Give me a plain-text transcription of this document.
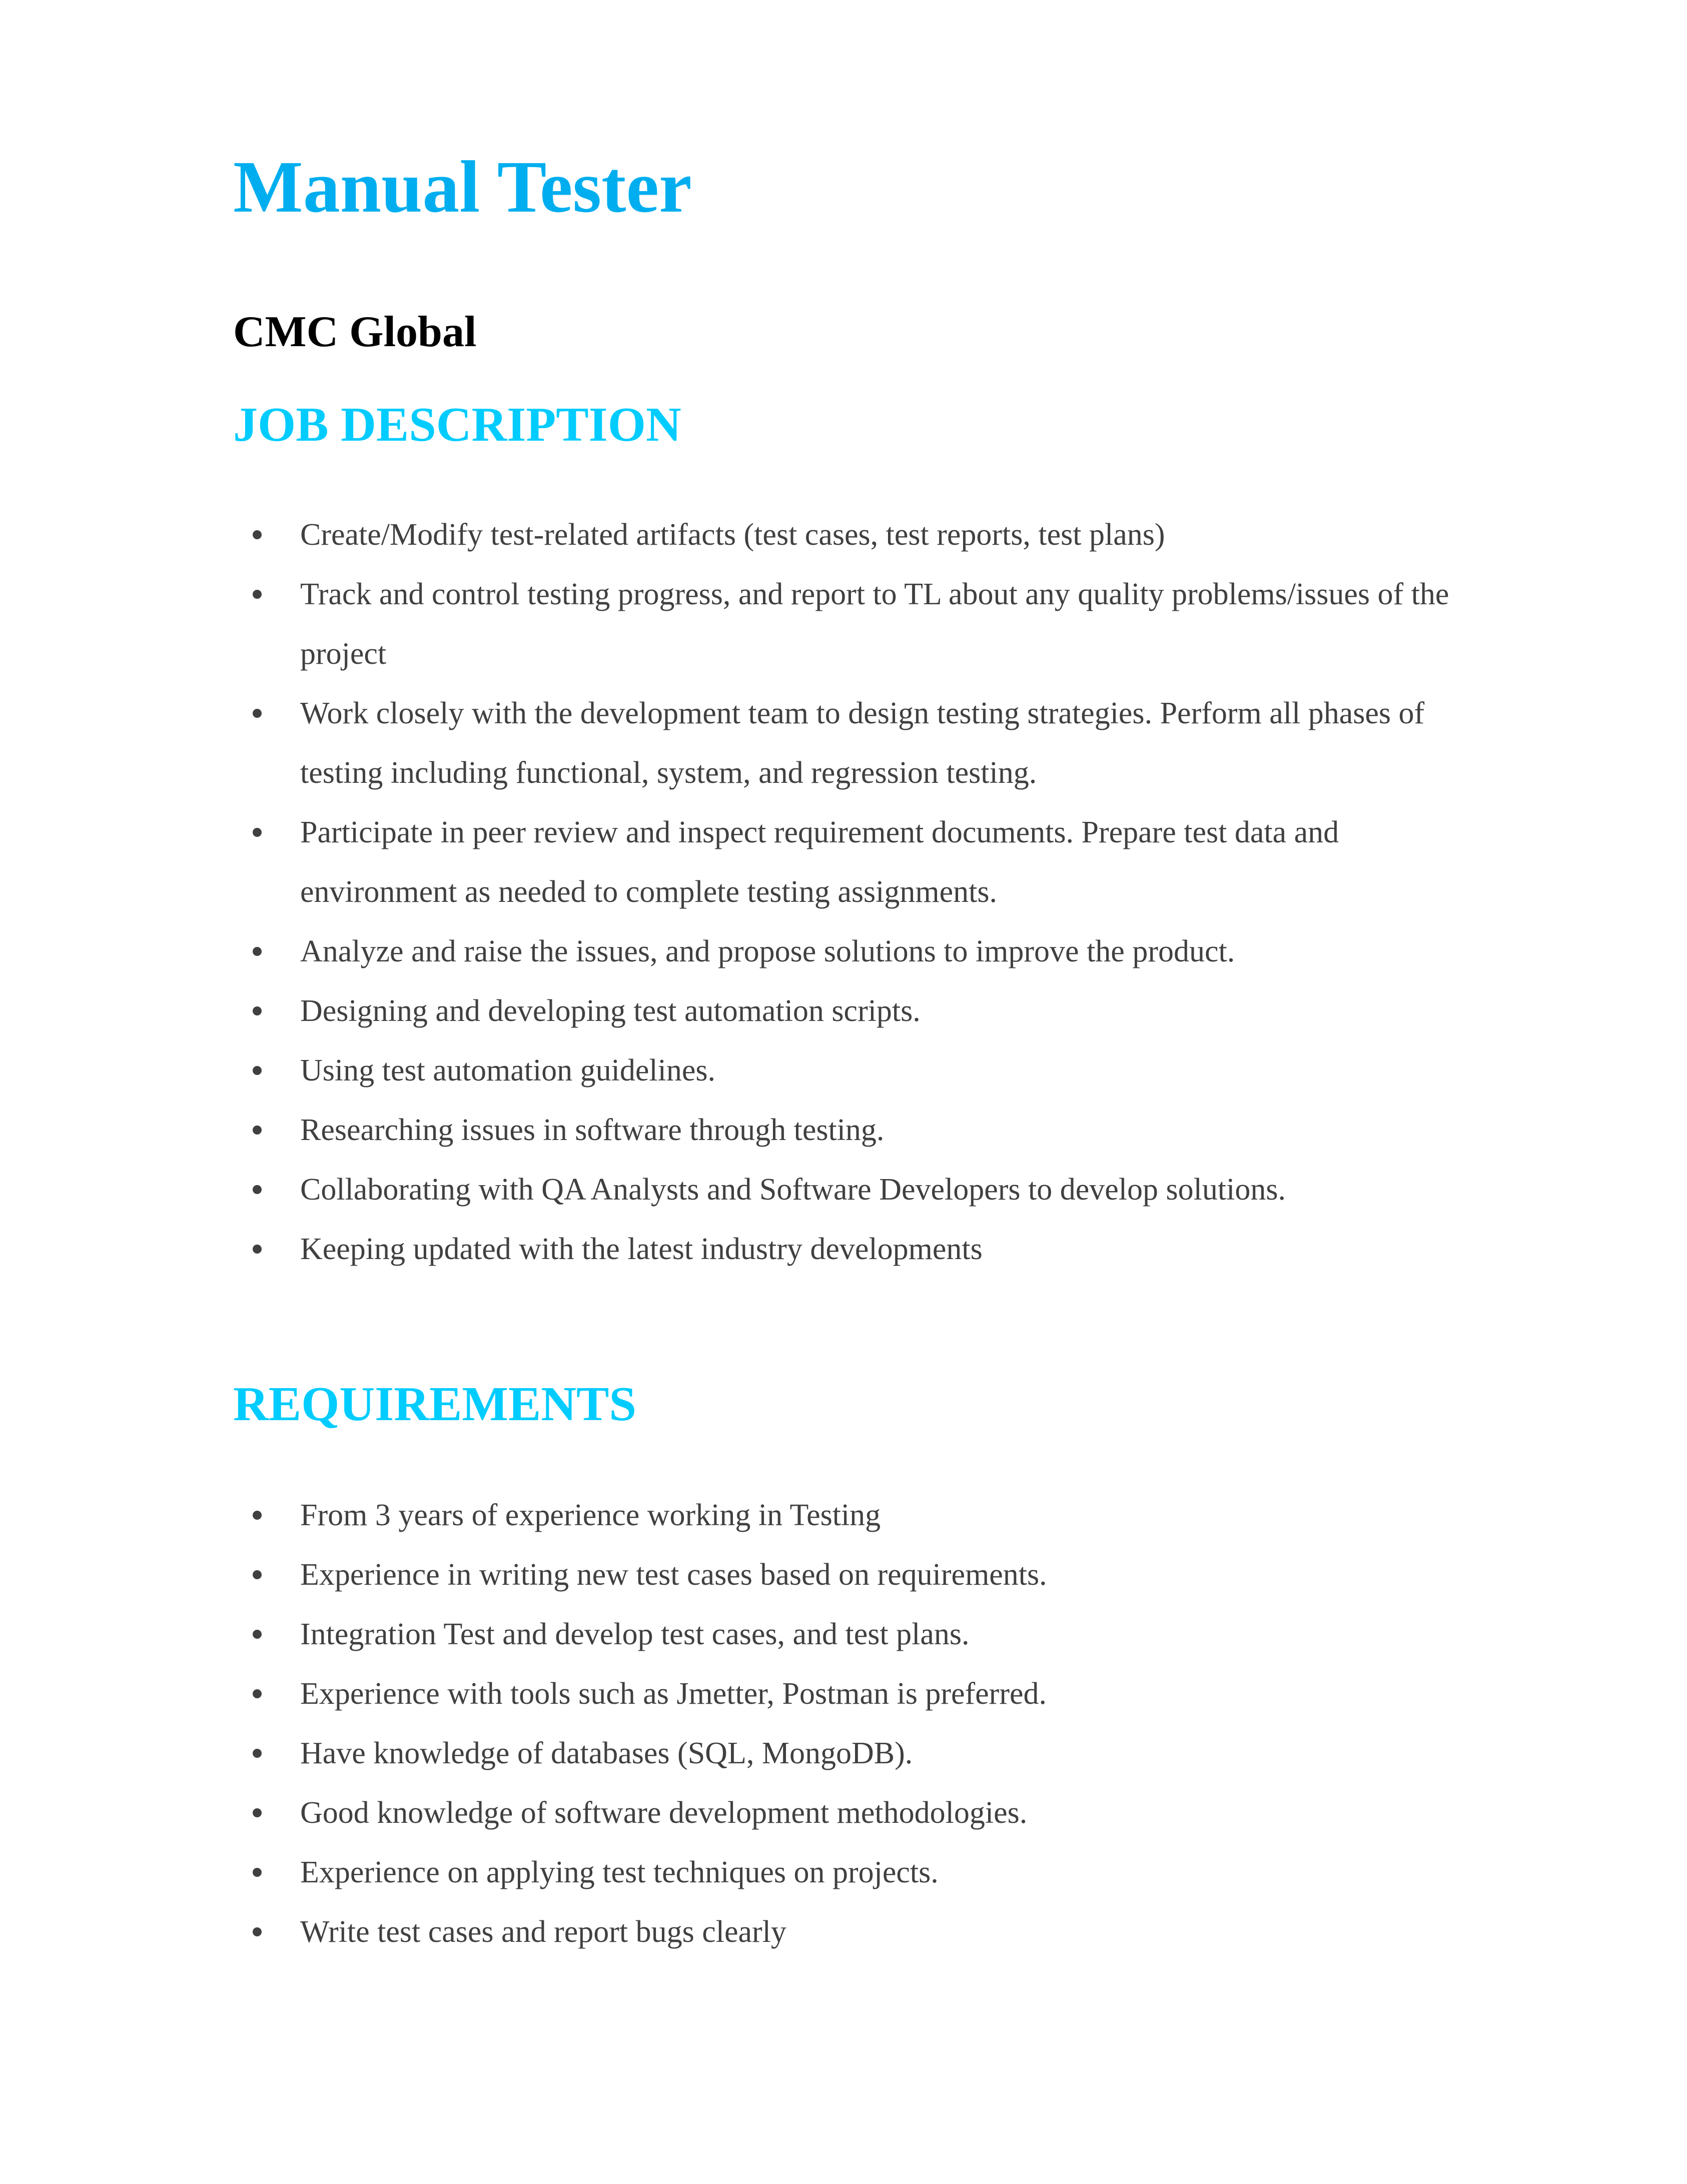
Manual Tester
CMC Global
JOB DESCRIPTION
Create/Modify test-related artifacts (test cases, test reports, test plans)
Track and control testing progress, and report to TL about any quality problems/issues of the project
Work closely with the development team to design testing strategies. Perform all phases of testing including functional, system, and regression testing.
Participate in peer review and inspect requirement documents. Prepare test data and environment as needed to complete testing assignments.
Analyze and raise the issues, and propose solutions to improve the product.
Designing and developing test automation scripts.
Using test automation guidelines.
Researching issues in software through testing.
Collaborating with QA Analysts and Software Developers to develop solutions.
Keeping updated with the latest industry developments
REQUIREMENTS
From 3 years of experience working in Testing
Experience in writing new test cases based on requirements.
Integration Test and develop test cases, and test plans.
Experience with tools such as Jmetter, Postman is preferred.
Have knowledge of databases (SQL, MongoDB).
Good knowledge of software development methodologies.
Experience on applying test techniques on projects.
Write test cases and report bugs clearly
